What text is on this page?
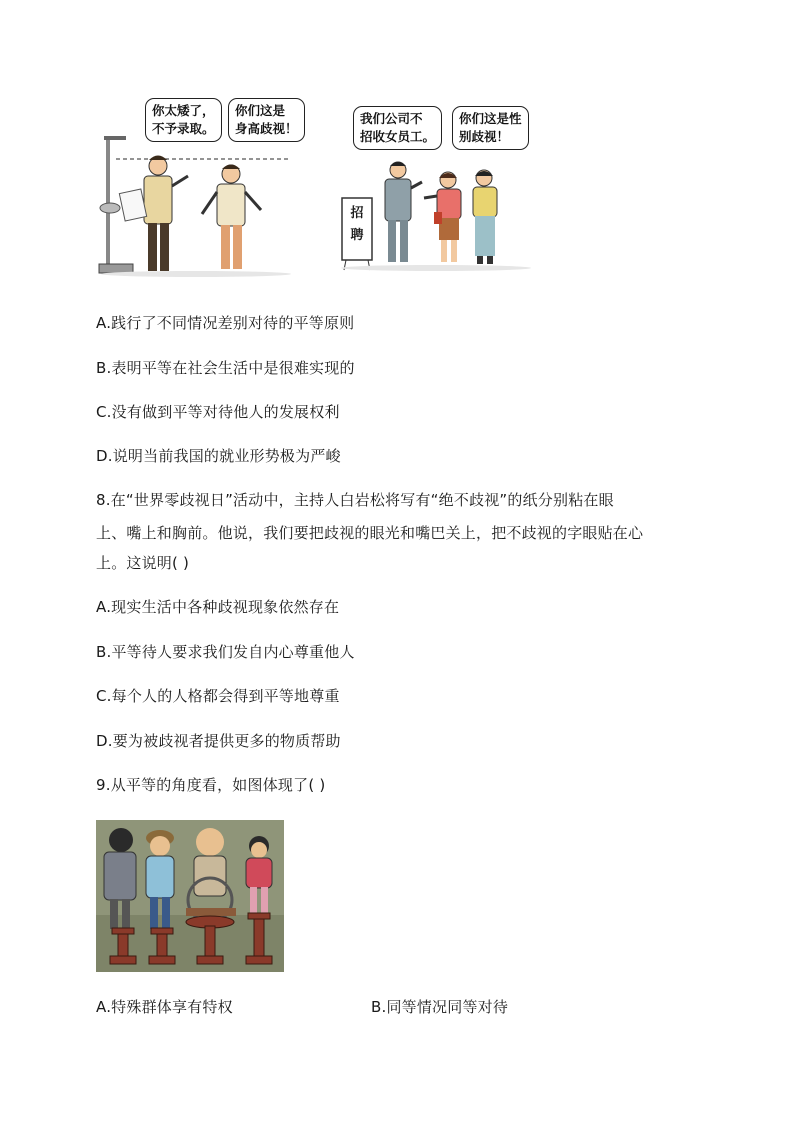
你太矮了，
不予录取。
你们这是
身高歧视！
招
聘
我们公司不
招收女员工。
你们这是性
别歧视！
A.践行了不同情况差别对待的平等原则
B.表明平等在社会生活中是很难实现的
C.没有做到平等对待他人的发展权利
D.说明当前我国的就业形势极为严峻
8.在“世界零歧视日”活动中，主持人白岩松将写有“绝不歧视”的纸分别粘在眼
上、嘴上和胸前。他说，我们要把歧视的眼光和嘴巴关上，把不歧视的字眼贴在心
上。这说明( )
A.现实生活中各种歧视现象依然存在
B.平等待人要求我们发自内心尊重他人
C.每个人的人格都会得到平等地尊重
D.要为被歧视者提供更多的物质帮助
9.从平等的角度看，如图体现了( )
A.特殊群体享有特权	B.同等情况同等对待
